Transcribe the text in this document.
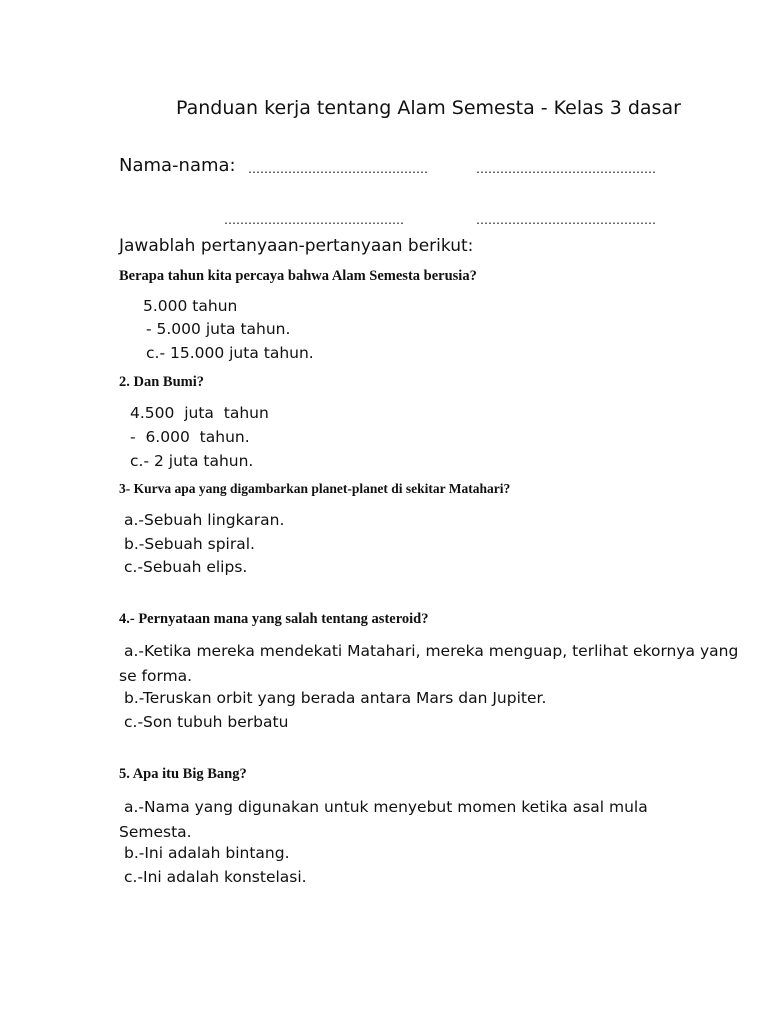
Panduan kerja tentang Alam Semesta - Kelas 3 dasar
Nama-nama: ………………………………………	………………………………………
………………………………………	………………………………………
Jawablah pertanyaan-pertanyaan berikut:
Berapa tahun kita percaya bahwa Alam Semesta berusia?
5.000 tahun
- 5.000 juta tahun.
c.- 15.000 juta tahun.
2. Dan Bumi?
4.500  juta  tahun
-  6.000  tahun.
c.- 2 juta tahun.
3- Kurva apa yang digambarkan planet-planet di sekitar Matahari?
a.-Sebuah lingkaran.
b.-Sebuah spiral.
c.-Sebuah elips.
4.- Pernyataan mana yang salah tentang asteroid?
a.-Ketika mereka mendekati Matahari, mereka menguap, terlihat ekornya yang se forma.
b.-Teruskan orbit yang berada antara Mars dan Jupiter.
c.-Son tubuh berbatu
5. Apa itu Big Bang?
a.-Nama yang digunakan untuk menyebut momen ketika asal mula Semesta.
b.-Ini adalah bintang.
c.-Ini adalah konstelasi.
